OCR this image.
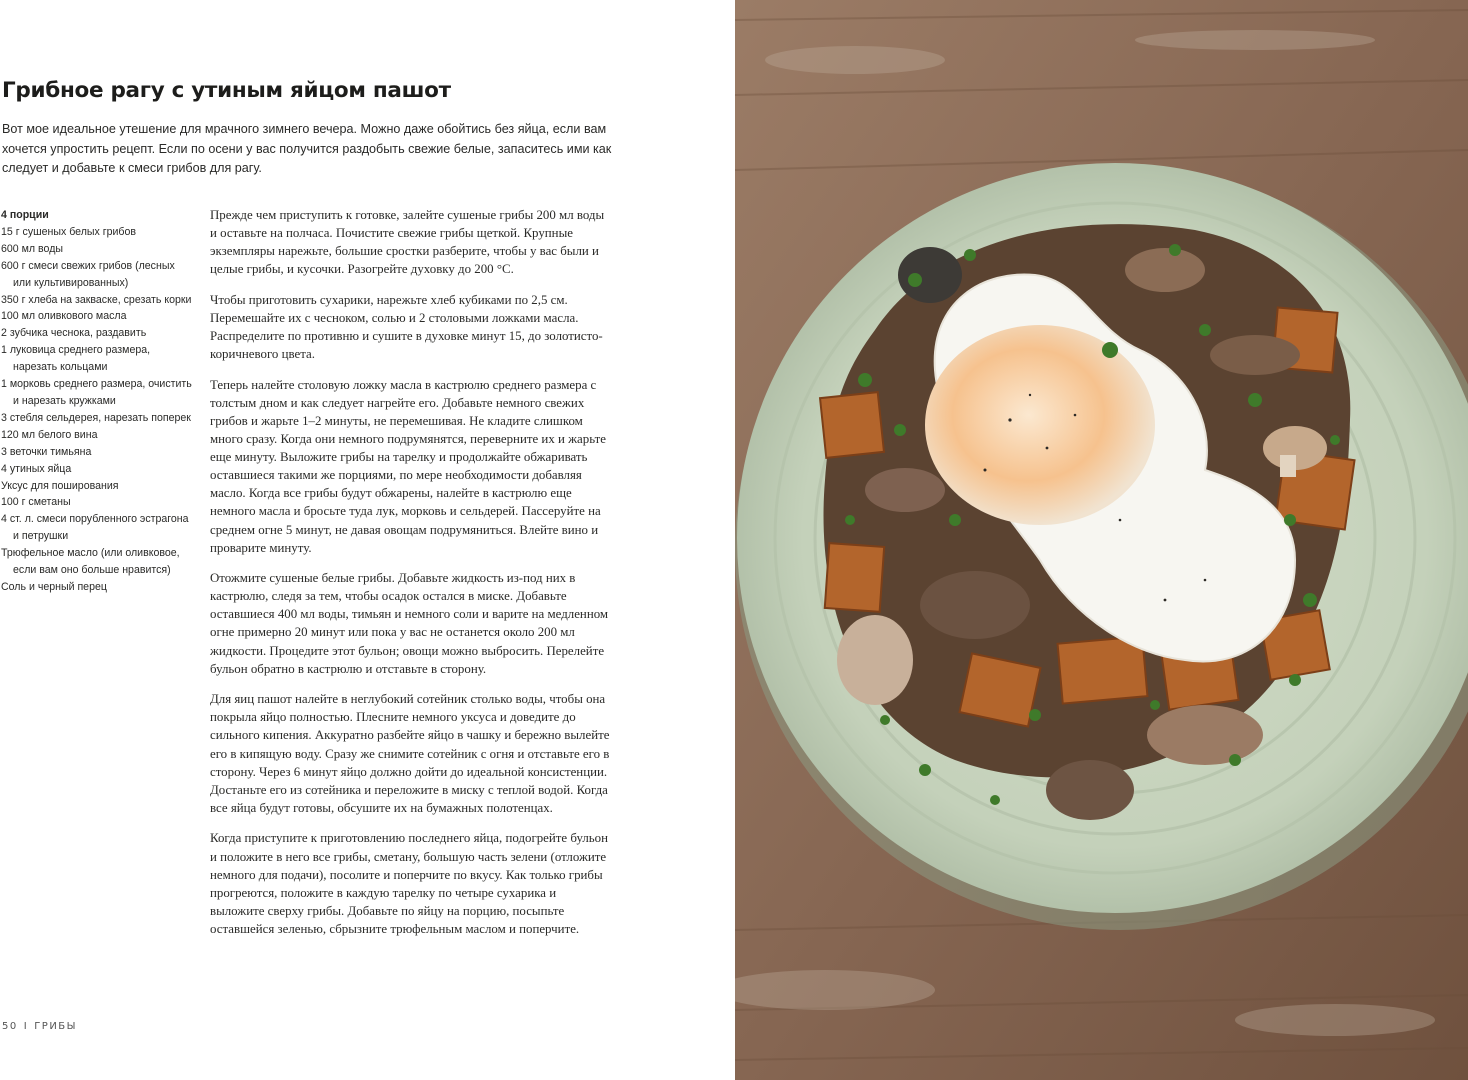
Грибное рагу с утиным яйцом пашот

Вот мое идеальное утешение для мрачного зимнего вечера. Можно даже обойтись без яйца, если вам хочется упростить рецепт. Если по осени у вас получится раздобыть свежие белые, запаситесь ими как следует и добавьте к смеси грибов для рагу.

4 порции
15 г сушеных белых грибов
600 мл воды
600 г смеси свежих грибов (лесных или культивированных)
350 г хлеба на закваске, срезать корки
100 мл оливкового масла
2 зубчика чеснока, раздавить
1 луковица среднего размера, нарезать кольцами
1 морковь среднего размера, очистить и нарезать кружками
3 стебля сельдерея, нарезать поперек
120 мл белого вина
3 веточки тимьяна
4 утиных яйца
Уксус для поширования
100 г сметаны
4 ст. л. смеси порубленного эстрагона и петрушки
Трюфельное масло (или оливковое, если вам оно больше нравится)
Соль и черный перец

Прежде чем приступить к готовке, залейте сушеные грибы 200 мл воды и оставьте на полчаса. Почистите свежие грибы щеткой. Крупные экземпляры нарежьте, большие сростки разберите, чтобы у вас были и целые грибы, и кусочки. Разогрейте духовку до 200 °С.

Чтобы приготовить сухарики, нарежьте хлеб кубиками по 2,5 см. Перемешайте их с чесноком, солью и 2 столовыми ложками масла. Распределите по противню и сушите в духовке минут 15, до золотисто-коричневого цвета.

Теперь налейте столовую ложку масла в кастрюлю среднего размера с толстым дном и как следует нагрейте его. Добавьте немного свежих грибов и жарьте 1–2 минуты, не перемешивая. Не кладите слишком много сразу. Когда они немного подрумянятся, переверните их и жарьте еще минуту. Выложите грибы на тарелку и продолжайте обжаривать оставшиеся такими же порциями, по мере необходимости добавляя масло. Когда все грибы будут обжарены, налейте в кастрюлю еще немного масла и бросьте туда лук, морковь и сельдерей. Пассеруйте на среднем огне 5 минут, не давая овощам подрумяниться. Влейте вино и проварите минуту.

Отожмите сушеные белые грибы. Добавьте жидкость из-под них в кастрюлю, следя за тем, чтобы осадок остался в миске. Добавьте оставшиеся 400 мл воды, тимьян и немного соли и варите на медленном огне примерно 20 минут или пока у вас не останется около 200 мл жидкости. Процедите этот бульон; овощи можно выбросить. Перелейте бульон обратно в кастрюлю и отставьте в сторону.

Для яиц пашот налейте в неглубокий сотейник столько воды, чтобы она покрыла яйцо полностью. Плесните немного уксуса и доведите до сильного кипения. Аккуратно разбейте яйцо в чашку и бережно вылейте его в кипящую воду. Сразу же снимите сотейник с огня и отставьте его в сторону. Через 6 минут яйцо должно дойти до идеальной консистенции. Достаньте его из сотейника и переложите в миску с теплой водой. Когда все яйца будут готовы, обсушите их на бумажных полотенцах.

Когда приступите к приготовлению последнего яйца, подогрейте бульон и положите в него все грибы, сметану, большую часть зелени (отложите немного для подачи), посолите и поперчите по вкусу. Как только грибы прогреются, положите в каждую тарелку по четыре сухарика и выложите сверху грибы. Добавьте по яйцу на порцию, посыпьте оставшейся зеленью, сбрызните трюфельным маслом и поперчите.

50 I ГРИБЫ
